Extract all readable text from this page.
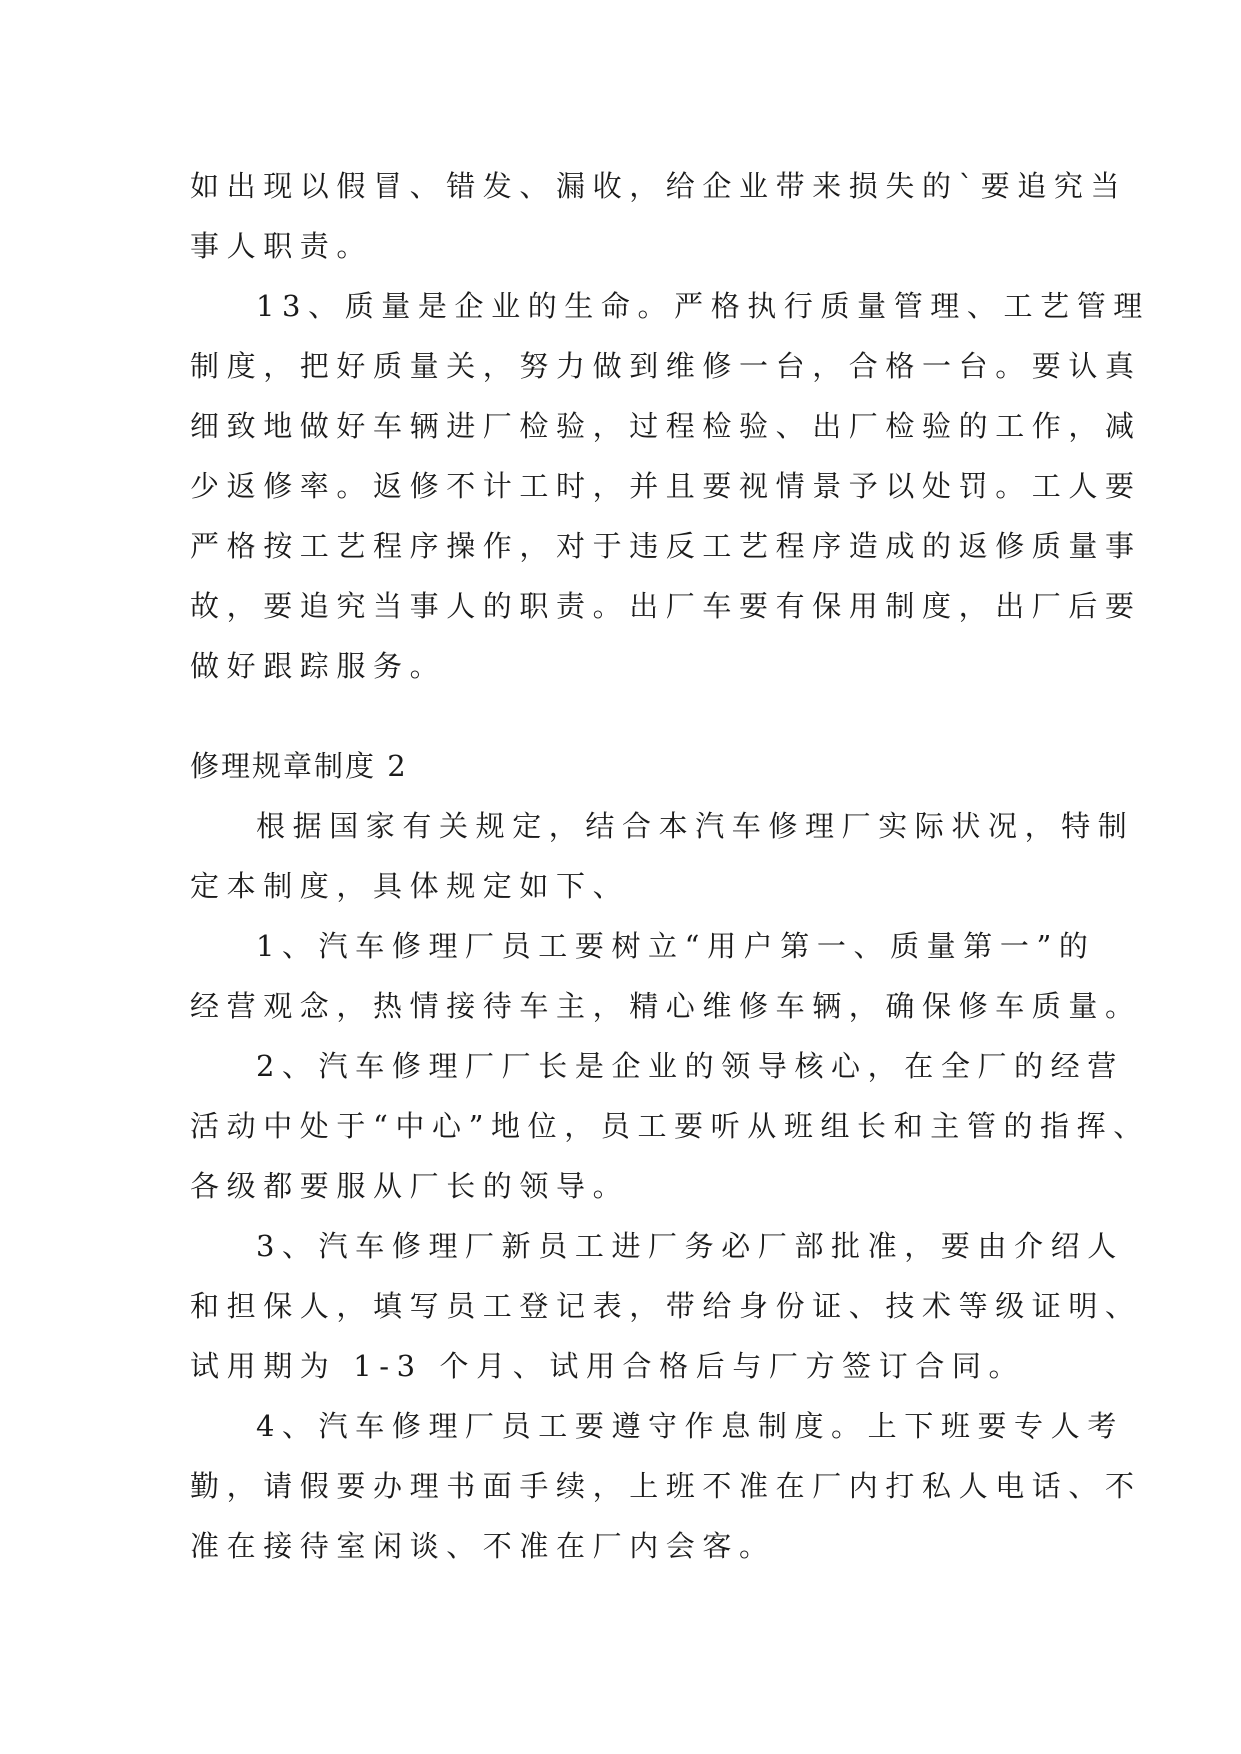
如出现以假冒、错发、漏收，给企业带来损失的`要追究当
事人职责。
13、质量是企业的生命。严格执行质量管理、工艺管理
制度，把好质量关，努力做到维修一台，合格一台。要认真
细致地做好车辆进厂检验，过程检验、出厂检验的工作，减
少返修率。返修不计工时，并且要视情景予以处罚。工人要
严格按工艺程序操作，对于违反工艺程序造成的返修质量事
故，要追究当事人的职责。出厂车要有保用制度，出厂后要
做好跟踪服务。
修理规章制度 2
根据国家有关规定，结合本汽车修理厂实际状况，特制
定本制度，具体规定如下、
1、汽车修理厂员工要树立“用户第一、质量第一”的
经营观念，热情接待车主，精心维修车辆，确保修车质量。
2、汽车修理厂厂长是企业的领导核心，在全厂的经营
活动中处于“中心”地位，员工要听从班组长和主管的指挥、
各级都要服从厂长的领导。
3、汽车修理厂新员工进厂务必厂部批准，要由介绍人
和担保人，填写员工登记表，带给身份证、技术等级证明、
试用期为 1-3 个月、试用合格后与厂方签订合同。
4、汽车修理厂员工要遵守作息制度。上下班要专人考
勤，请假要办理书面手续，上班不准在厂内打私人电话、不
准在接待室闲谈、不准在厂内会客。
